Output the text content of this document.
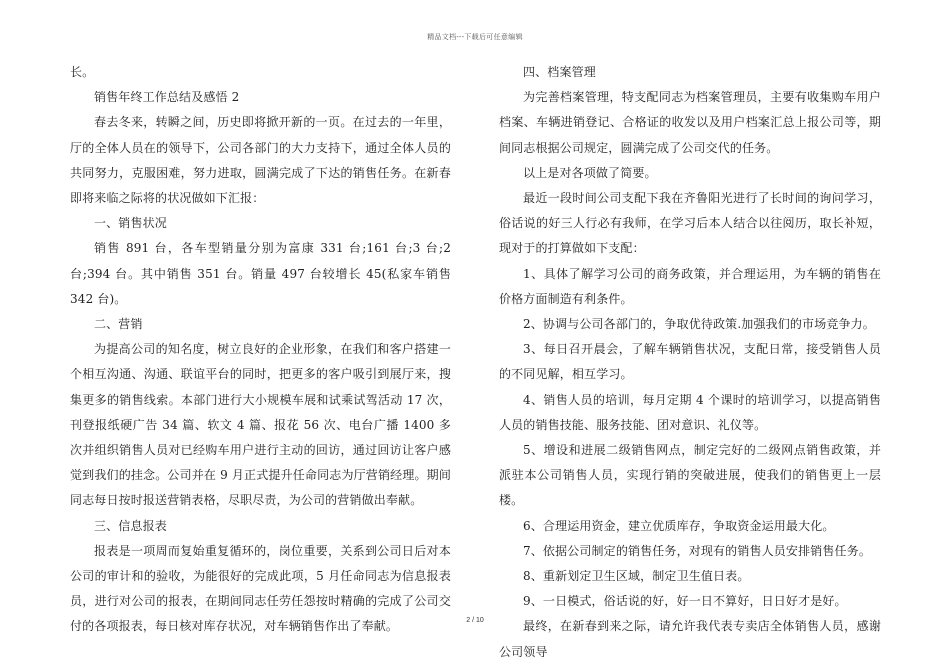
精品文档---下载后可任意编辑

长。

销售年终工作总结及感悟 2

春去冬来，转瞬之间，历史即将掀开新的一页。在过去的一年里，厅的全体人员在的领导下，公司各部门的大力支持下，通过全体人员的共同努力，克服困难，努力进取，圆满完成了下达的销售任务。在新春即将来临之际将的状况做如下汇报：

一、销售状况

销售 891 台，各车型销量分别为富康 331 台;161 台;3 台;2 台;394 台。其中销售 351 台。销量 497 台较增长 45(私家车销售 342 台)。

二、营销

为提高公司的知名度，树立良好的企业形象，在我们和客户搭建一个相互沟通、沟通、联谊平台的同时，把更多的客户吸引到展厅来，搜集更多的销售线索。本部门进行大小规模车展和试乘试驾活动 17 次，刊登报纸硬广告 34 篇、软文 4 篇、报花 56 次、电台广播 1400 多次并组织销售人员对已经购车用户进行主动的回访，通过回访让客户感觉到我们的挂念。公司并在 9 月正式提升任命同志为厅营销经理。期间同志每日按时报送营销表格，尽职尽责，为公司的营销做出奉献。

三、信息报表

报表是一项周而复始重复循环的，岗位重要，关系到公司日后对本公司的审计和的验收，为能很好的完成此项，5 月任命同志为信息报表员，进行对公司的报表，在期间同志任劳任怨按时精确的完成了公司交付的各项报表，每日核对库存状况，对车辆销售作出了奉献。

四、档案管理

为完善档案管理，特支配同志为档案管理员，主要有收集购车用户档案、车辆进销登记、合格证的收发以及用户档案汇总上报公司等，期间同志根据公司规定，圆满完成了公司交代的任务。

以上是对各项做了简要。

最近一段时间公司支配下我在齐鲁阳光进行了长时间的询问学习，俗话说的好三人行必有我师，在学习后本人结合以往阅历，取长补短，现对于的打算做如下支配：

1、具体了解学习公司的商务政策，并合理运用，为车辆的销售在价格方面制造有利条件。

2、协调与公司各部门的，争取优待政策.加强我们的市场竞争力。

3、每日召开晨会，了解车辆销售状况，支配日常，接受销售人员的不同见解，相互学习。

4、销售人员的培训，每月定期 4 个课时的培训学习，以提高销售人员的销售技能、服务技能、团对意识、礼仪等。

5、增设和进展二级销售网点，制定完好的二级网点销售政策，并派驻本公司销售人员，实现行销的突破进展，使我们的销售更上一层楼。

6、合理运用资金，建立优质库存，争取资金运用最大化。

7、依据公司制定的销售任务，对现有的销售人员安排销售任务。

8、重新划定卫生区域，制定卫生值日表。

9、一日模式，俗话说的好，好一日不算好，日日好才是好。

最终，在新春到来之际，请允许我代表专卖店全体销售人员，感谢公司领导

2 / 10
